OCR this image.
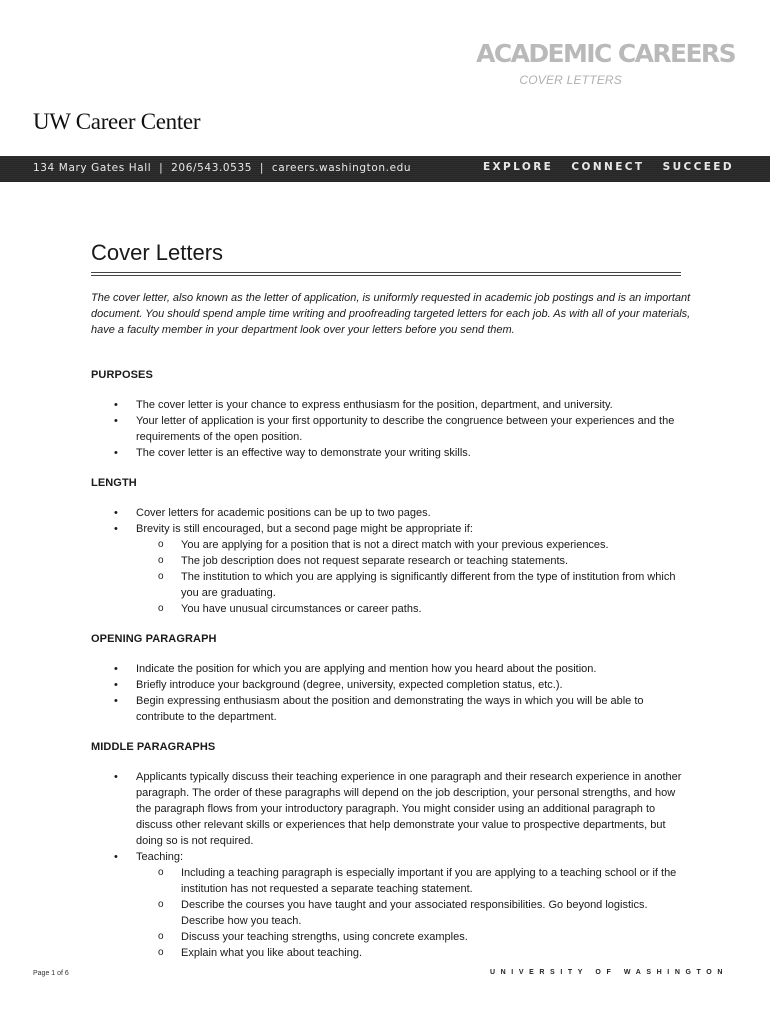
ACADEMIC CAREERS
COVER LETTERS
UW Career Center
134 Mary Gates Hall  |  206/543.0535  |  careers.washington.edu	EXPLORE   CONNECT   SUCCEED
Cover Letters

The cover letter, also known as the letter of application, is uniformly requested in academic job postings and is an important document. You should spend ample time writing and proofreading targeted letters for each job. As with all of your materials, have a faculty member in your department look over your letters before you send them.

PURPOSES
• The cover letter is your chance to express enthusiasm for the position, department, and university.
• Your letter of application is your first opportunity to describe the congruence between your experiences and the requirements of the open position.
• The cover letter is an effective way to demonstrate your writing skills.
LENGTH
• Cover letters for academic positions can be up to two pages.
• Brevity is still encouraged, but a second page might be appropriate if:
o You are applying for a position that is not a direct match with your previous experiences.
o The job description does not request separate research or teaching statements.
o The institution to which you are applying is significantly different from the type of institution from which you are graduating.
o You have unusual circumstances or career paths.
OPENING PARAGRAPH
• Indicate the position for which you are applying and mention how you heard about the position.
• Briefly introduce your background (degree, university, expected completion status, etc.).
• Begin expressing enthusiasm about the position and demonstrating the ways in which you will be able to contribute to the department.
MIDDLE PARAGRAPHS
• Applicants typically discuss their teaching experience in one paragraph and their research experience in another paragraph. The order of these paragraphs will depend on the job description, your personal strengths, and how the paragraph flows from your introductory paragraph. You might consider using an additional paragraph to discuss other relevant skills or experiences that help demonstrate your value to prospective departments, but doing so is not required.
• Teaching:
o Including a teaching paragraph is especially important if you are applying to a teaching school or if the institution has not requested a separate teaching statement.
o Describe the courses you have taught and your associated responsibilities. Go beyond logistics. Describe how you teach.
o Discuss your teaching strengths, using concrete examples.
o Explain what you like about teaching.
Page 1 of 6	UNIVERSITY OF WASHINGTON
